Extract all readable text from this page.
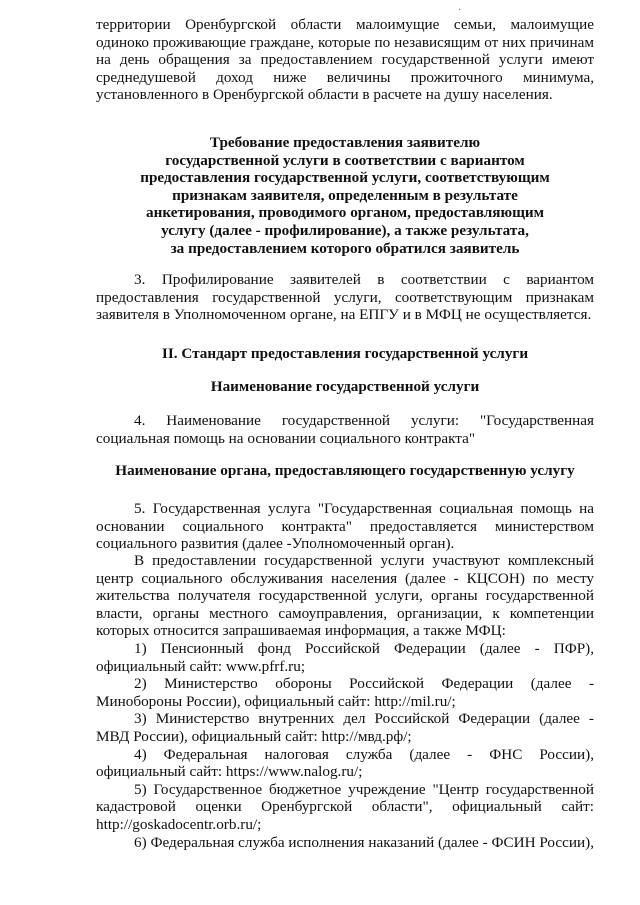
·

территории Оренбургской области малоимущие семьи, малоимущие одиноко проживающие граждане, которые по независящим от них причинам на день обращения за предоставлением государственной услуги имеют среднедушевой доход ниже величины прожиточного минимума, установленного в Оренбургской области в расчете на душу населения.

Требование предоставления заявителю
государственной услуги в соответствии с вариантом
предоставления государственной услуги, соответствующим
признакам заявителя, определенным в результате
анкетирования, проводимого органом, предоставляющим
услугу (далее - профилирование), а также результата,
за предоставлением которого обратился заявитель

3. Профилирование заявителей в соответствии с вариантом предоставления государственной услуги, соответствующим признакам заявителя в Уполномоченном органе, на ЕПГУ и в МФЦ не осуществляется.

II. Стандарт предоставления государственной услуги
Наименование государственной услуги

4. Наименование государственной услуги: "Государственная социальная помощь на основании социального контракта"

Наименование органа, предоставляющего государственную услугу

5. Государственная услуга "Государственная социальная помощь на основании социального контракта" предоставляется министерством социального развития (далее -Уполномоченный орган).

В предоставлении государственной услуги участвуют комплексный центр социального обслуживания населения (далее - КЦСОН) по месту жительства получателя государственной услуги, органы государственной власти, органы местного самоуправления, организации, к компетенции которых относится запрашиваемая информация, а также МФЦ:

1) Пенсионный фонд Российской Федерации (далее - ПФР), официальный сайт: www.pfrf.ru;

2) Министерство обороны Российской Федерации (далее - Минобороны России), официальный сайт: http://mil.ru/;

3) Министерство внутренних дел Российской Федерации (далее - МВД России), официальный сайт: http://мвд.рф/;

4) Федеральная налоговая служба (далее - ФНС России), официальный сайт: https://www.nalog.ru/;

5) Государственное бюджетное учреждение "Центр государственной кадастровой оценки Оренбургской области", официальный сайт: http://goskadocentr.orb.ru/;

6) Федеральная служба исполнения наказаний (далее - ФСИН России),
